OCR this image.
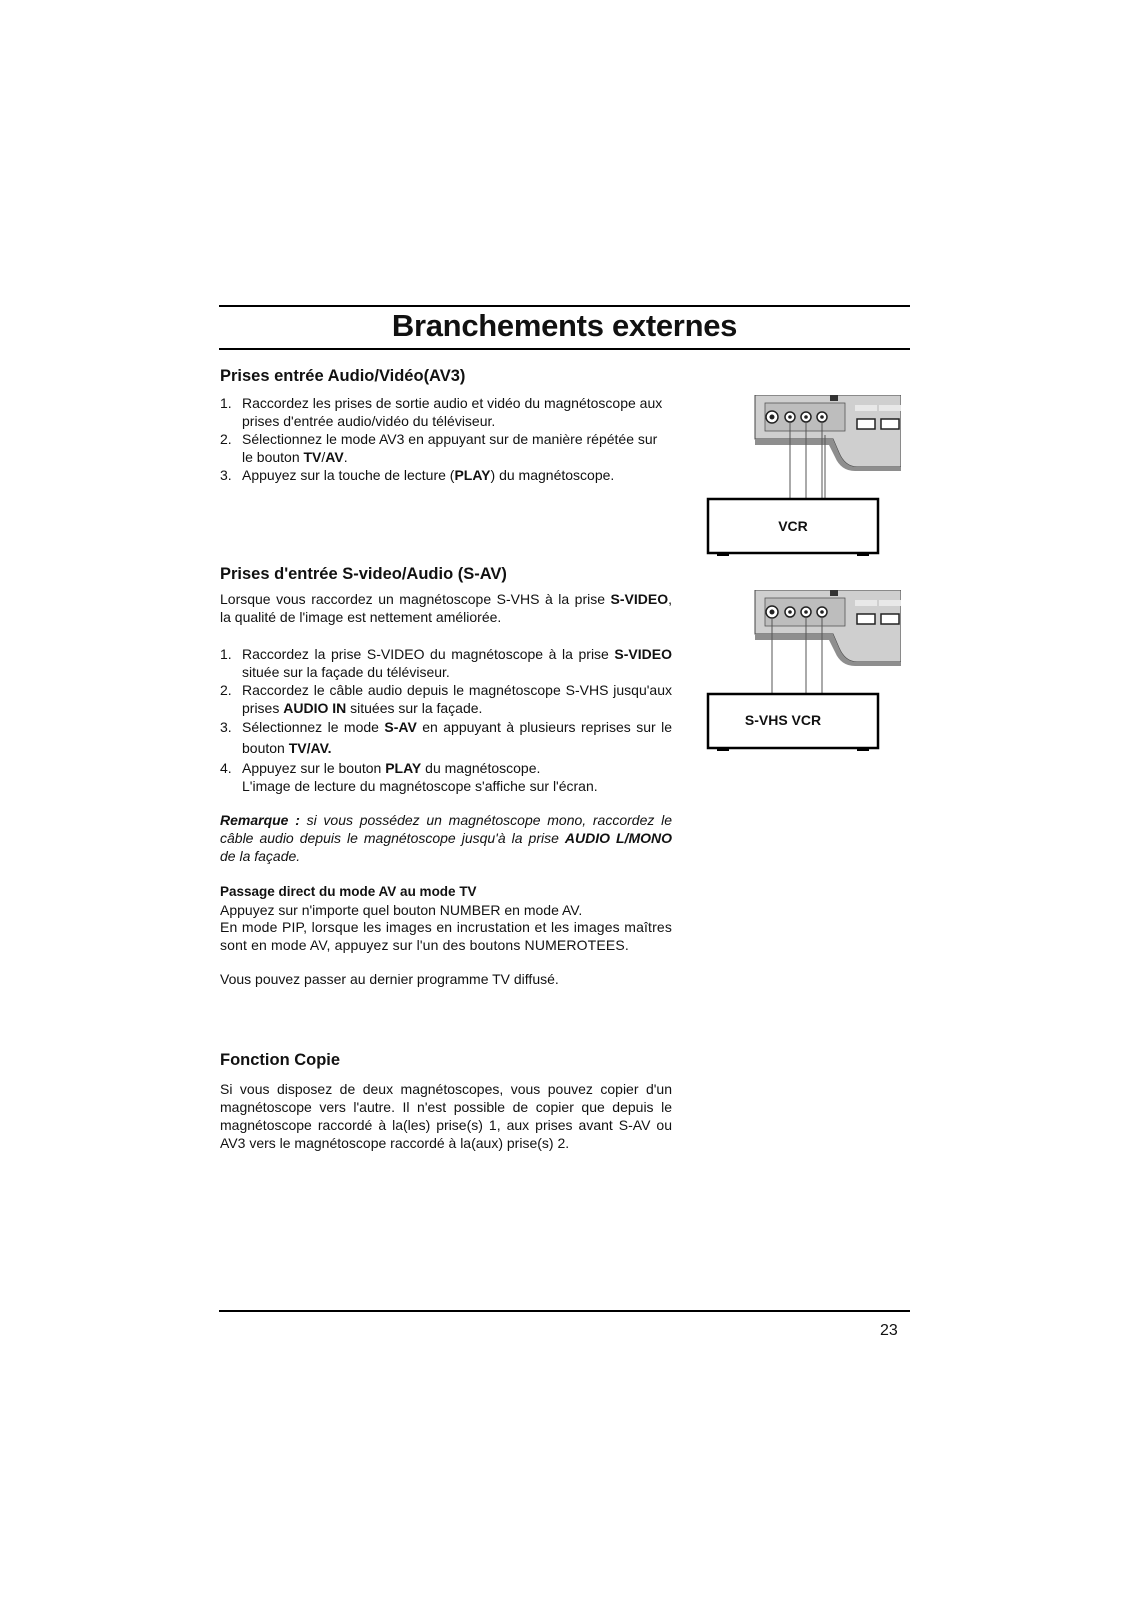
Branchements externes
Prises entrée Audio/Vidéo(AV3)
1. Raccordez les prises de sortie audio et vidéo du magnétoscope aux prises d'entrée audio/vidéo du téléviseur.
2. Sélectionnez le mode AV3 en appuyant sur de manière répétée sur le bouton TV/AV.
3. Appuyez sur la touche de lecture (PLAY) du magnétoscope.
VCR
Prises d'entrée S-video/Audio (S-AV)
Lorsque vous raccordez un magnétoscope S-VHS à la prise S-VIDEO, la qualité de l'image est nettement améliorée.
1. Raccordez la prise S-VIDEO du magnétoscope à la prise S-VIDEO située sur la façade du téléviseur.
2. Raccordez le câble audio depuis le magnétoscope S-VHS jusqu'aux prises AUDIO IN situées sur la façade.
3. Sélectionnez le mode S-AV en appuyant à plusieurs reprises sur le bouton TV/AV.
4. Appuyez sur le bouton PLAY du magnétoscope.
L'image de lecture du magnétoscope s'affiche sur l'écran.
Remarque : si vous possédez un magnétoscope mono, raccordez le câble audio depuis le magnétoscope jusqu'à la prise AUDIO L/MONO de la façade.
S-VHS VCR
Passage direct du mode AV au mode TV
Appuyez sur n'importe quel bouton NUMBER en mode AV.
En mode PIP, lorsque les images en incrustation et les images maîtres sont en mode AV, appuyez sur l'un des boutons NUMEROTEES.
Vous pouvez passer au dernier programme TV diffusé.
Fonction Copie
Si vous disposez de deux magnétoscopes, vous pouvez copier d'un magnétoscope vers l'autre. Il n'est possible de copier que depuis le magnétoscope raccordé à la(les) prise(s) 1, aux prises avant S-AV ou AV3 vers le magnétoscope raccordé à la(aux) prise(s) 2.
23
